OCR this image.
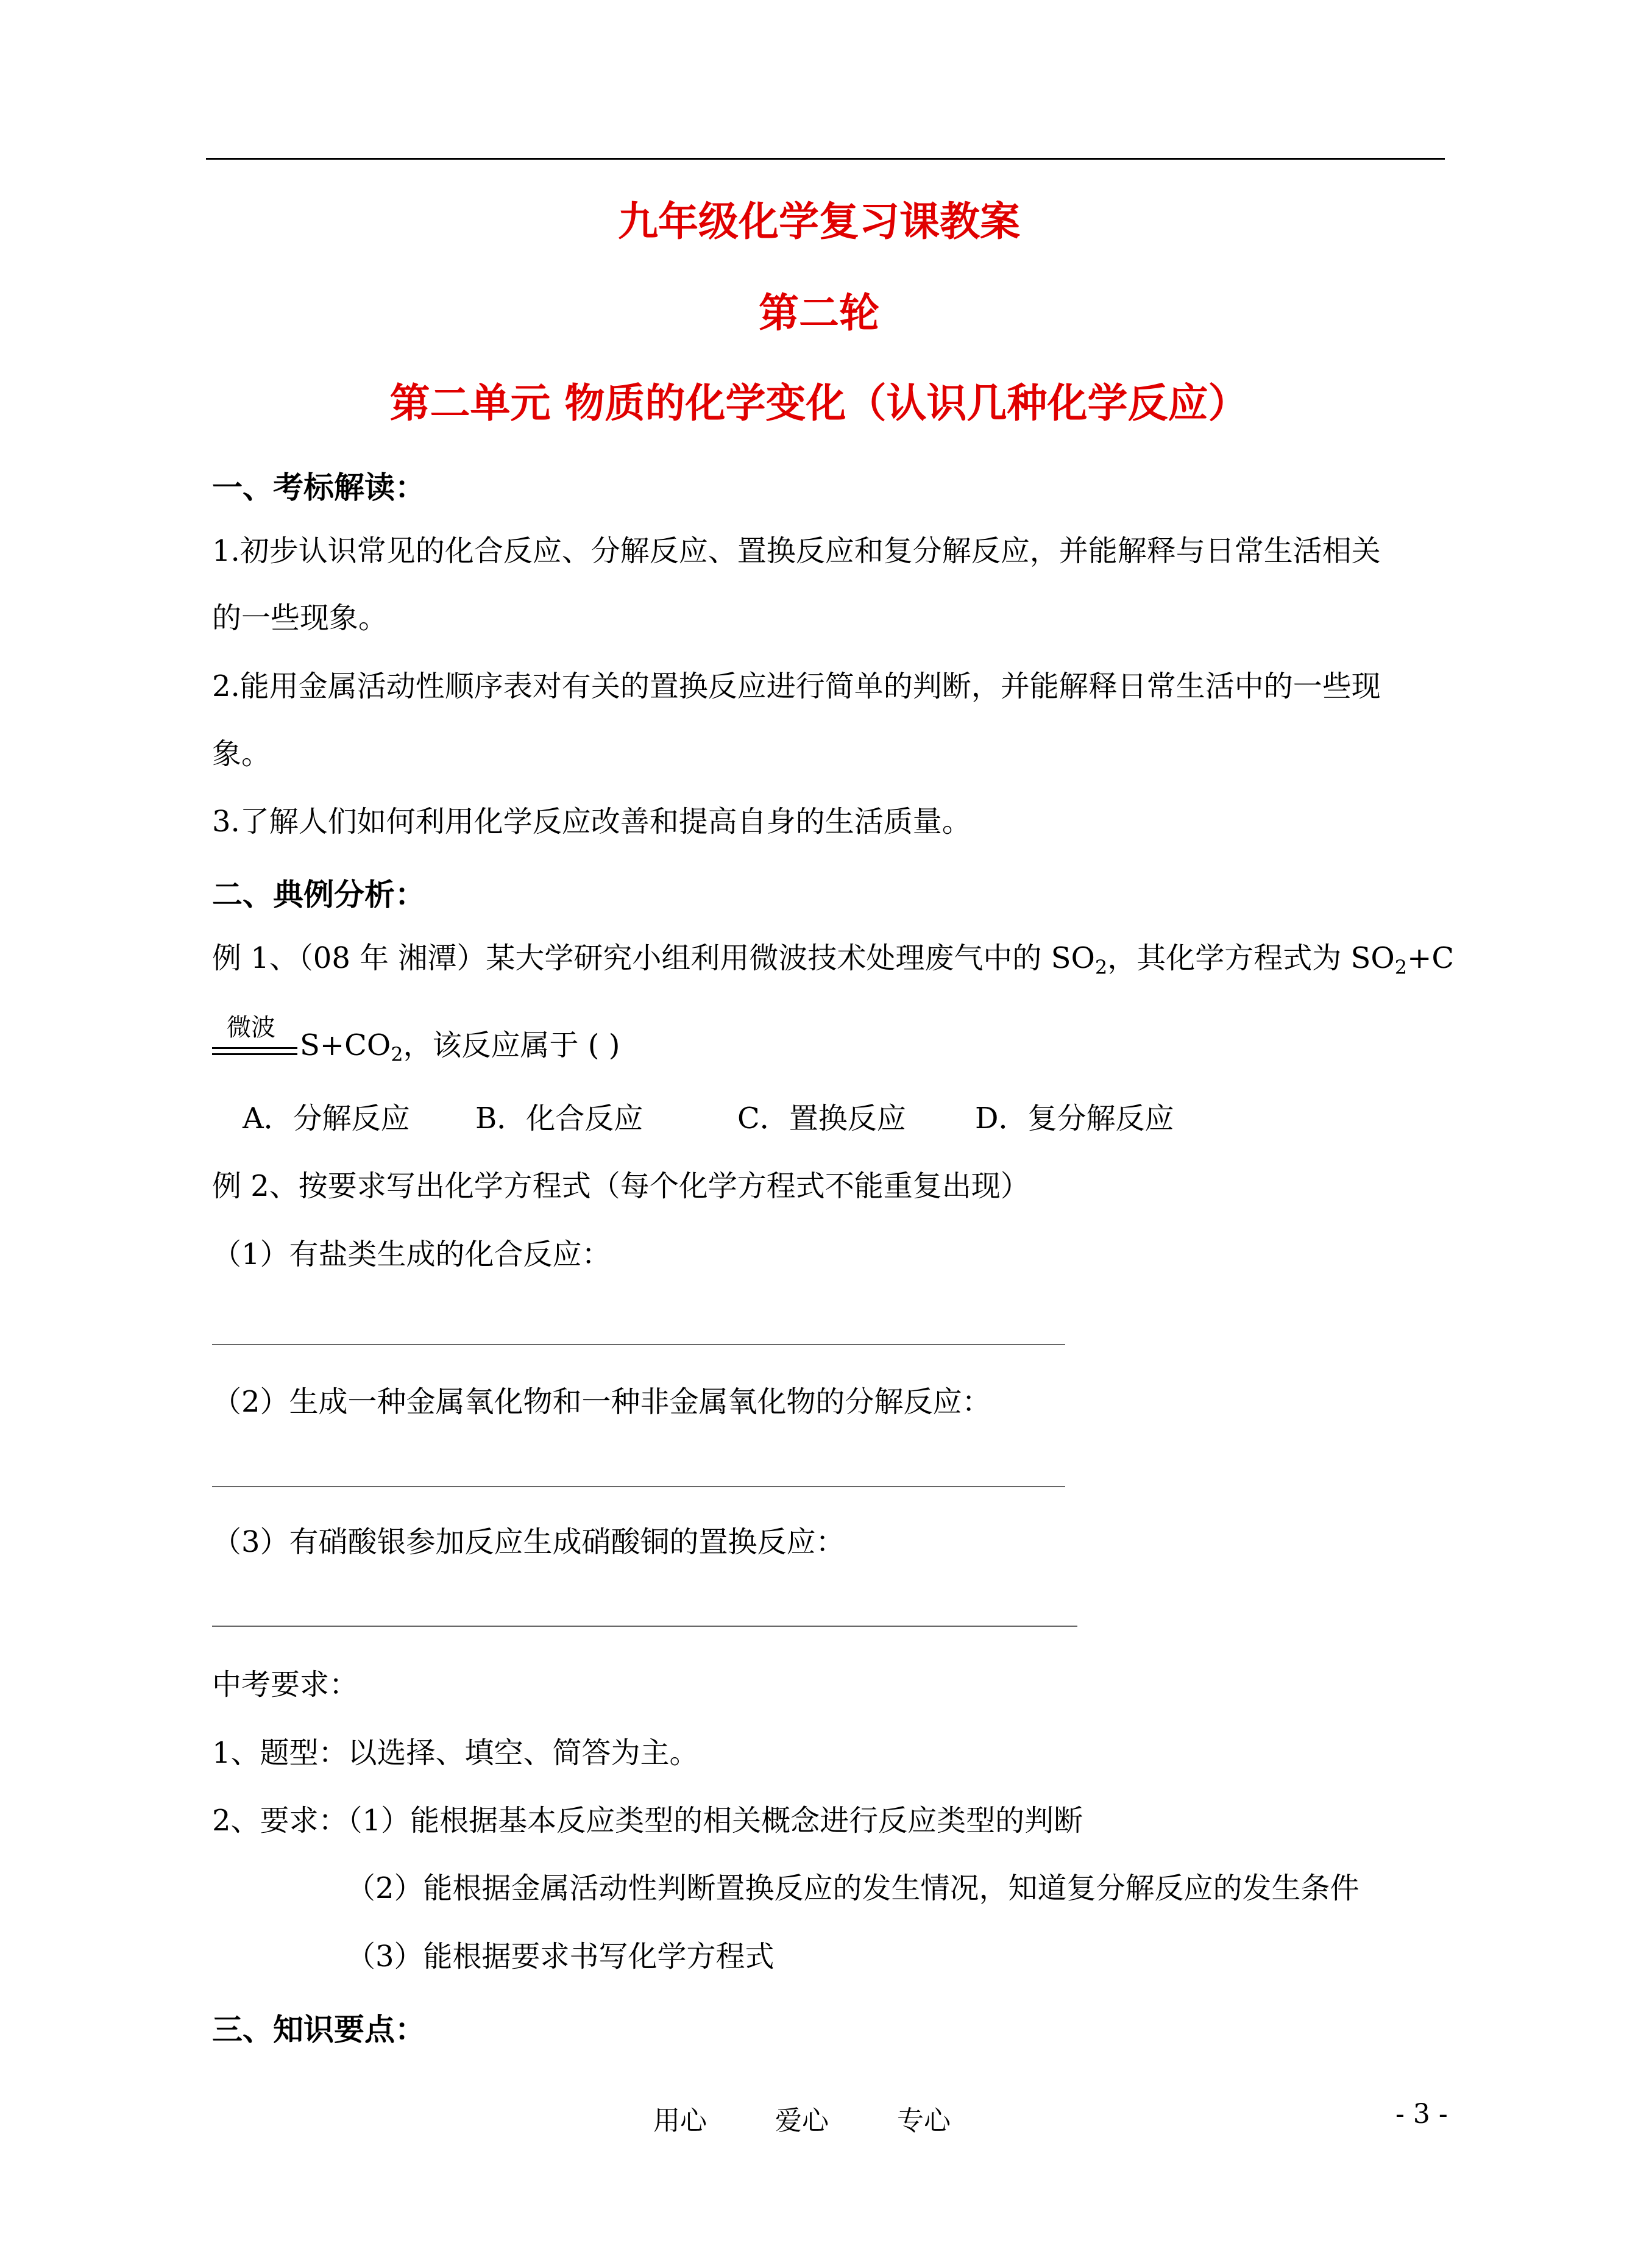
九年级化学复习课教案
第二轮
第二单元 物质的化学变化（认识几种化学反应）
一、考标解读：
1.初步认识常见的化合反应、分解反应、置换反应和复分解反应，并能解释与日常生活相关
的一些现象。
2.能用金属活动性顺序表对有关的置换反应进行简单的判断，并能解释日常生活中的一些现
象。
3.了解人们如何利用化学反应改善和提高自身的生活质量。
二、典例分析：
例 1、（08 年 湘潭）某大学研究小组利用微波技术处理废气中的 $SO_2$，其化学方程式为 $SO_2+C$
微波
$S+CO_2$，该反应属于 ( )
A．分解反应 B．化合反应	C．置换反应 D．复分解反应
例 2、按要求写出化学方程式（每个化学方程式不能重复出现）
（1）有盐类生成的化合反应：
（2）生成一种金属氧化物和一种非金属氧化物的分解反应：
（3）有硝酸银参加反应生成硝酸铜的置换反应：
中考要求：
1、题型：以选择、填空、简答为主。
2、要求：（1）能根据基本反应类型的相关概念进行反应类型的判断
（2）能根据金属活动性判断置换反应的发生情况，知道复分解反应的发生条件
（3）能根据要求书写化学方程式
三、知识要点：
用心	爱心	专心	- 3 -
